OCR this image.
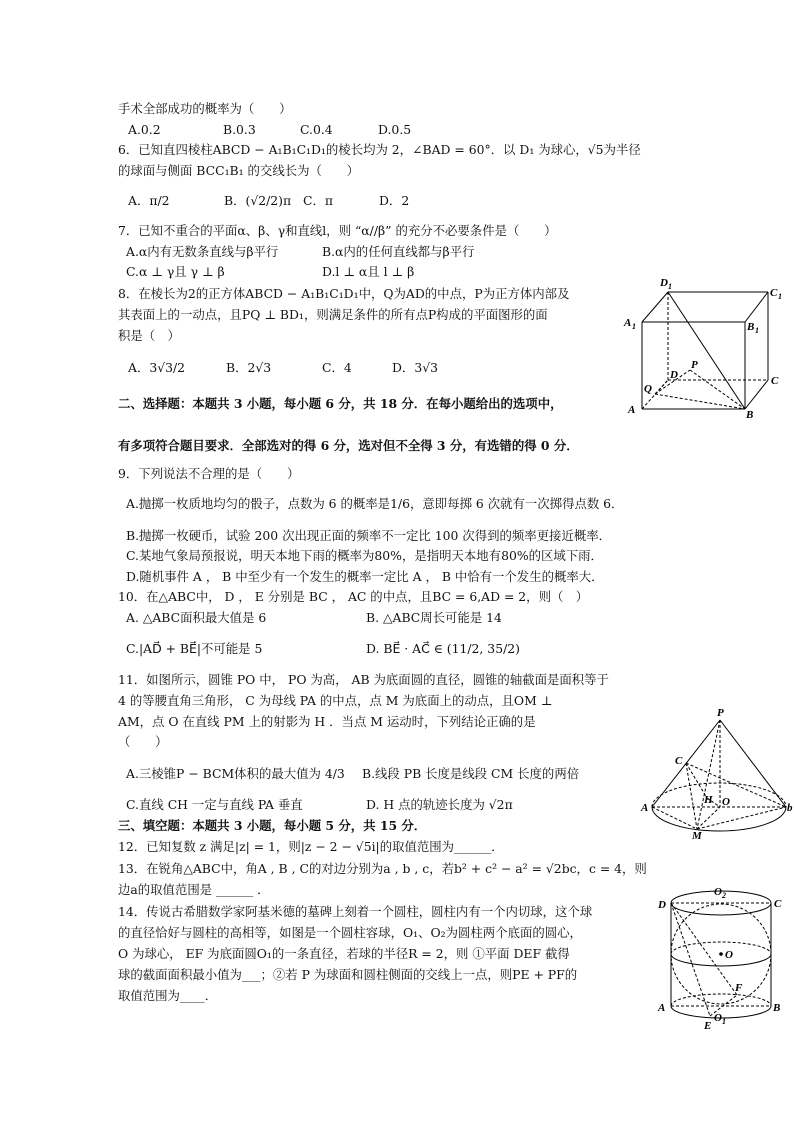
手术全部成功的概率为（　　）
A.0.2	B.0.3	C.0.4	D.0.5
6．已知直四棱柱ABCD − A₁B₁C₁D₁的棱长均为 2，∠BAD = 60°．以 D₁ 为球心，√5为半径
的球面与侧面 BCC₁B₁ 的交线长为（　　）
A．π/2	B．(√2/2)π C．π	D．2
7．已知不重合的平面α、β、γ和直线l，则 “α//β” 的充分不必要条件是（　　）
A.α内有无数条直线与β平行	B.α内的任何直线都与β平行
C.α ⊥ γ且 γ ⊥ β	D.l ⊥ α且 l ⊥ β
8．在棱长为2的正方体ABCD − A₁B₁C₁D₁中，Q为AD的中点，P为正方体内部及
其表面上的一动点，且PQ ⊥ BD₁，则满足条件的所有点P构成的平面图形的面
积是（　）
A．3√3/2	B．2√3	C．4	D．3√3
二、选择题：本题共 3 小题，每小题 6 分，共 18 分．在每小题给出的选项中，
有多项符合题目要求．全部选对的得 6 分，选对但不全得 3 分，有选错的得 0 分．
9．下列说法不合理的是（　　）
A.抛掷一枚质地均匀的骰子，点数为 6 的概率是1/6，意即每掷 6 次就有一次掷得点数 6．
B.抛掷一枚硬币，试验 200 次出现正面的频率不一定比 100 次得到的频率更接近概率．
C.某地气象局预报说，明天本地下雨的概率为80%，是指明天本地有80%的区域下雨．
D.随机事件 A ， B 中至少有一个发生的概率一定比 A ， B 中恰有一个发生的概率大．
10．在△ABC中， D ， E 分别是 BC ， AC 的中点，且BC = 6,AD = 2，则（　）
A. △ABC面积最大值是 6	B. △ABC周长可能是 14
C.|AD⃗ + BE⃗|不可能是 5	D. BE⃗ · AC⃗ ∈ (11/2, 35/2)
11．如图所示，圆锥 PO 中， PO 为高， AB 为底面圆的直径，圆锥的轴截面是面积等于
4 的等腰直角三角形， C 为母线 PA 的中点，点 M 为底面上的动点，且OM ⊥
AM，点 O 在直线 PM 上的射影为 H ．当点 M 运动时，下列结论正确的是
（　　）
A.三棱锥P − BCM体积的最大值为 4/3 B.线段 PB 长度是线段 CM 长度的两倍
C.直线 CH 一定与直线 PA 垂直	D. H 点的轨迹长度为 √2π
三、填空题：本题共 3 小题，每小题 5 分，共 15 分．
12．已知复数 z 满足|z| = 1，则|z − 2 − √5i|的取值范围为______．
13．在锐角△ABC中，角A , B , C的对边分别为a , b , c，若b² + c² − a² = √2bc，c = 4，则
边a的取值范围是 ______ ．
14．传说古希腊数学家阿基米德的墓碑上刻着一个圆柱，圆柱内有一个内切球，这个球
的直径恰好与圆柱的高相等，如图是一个圆柱容球，O₁、O₂为圆柱两个底面的圆心，
O 为球心， EF 为底面圆O₁的一条直径，若球的半径R = 2，则 ①平面 DEF 截得
球的截面面积最小值为___；②若 P 为球面和圆柱侧面的交线上一点，则PE + PF的
取值范围为____．
D 1
C 1
A 1	B 1
D	C
A	B
Q
P
P
C
H O
A	b
M
O 2
D	C
O
F
A	B
O 1
E
